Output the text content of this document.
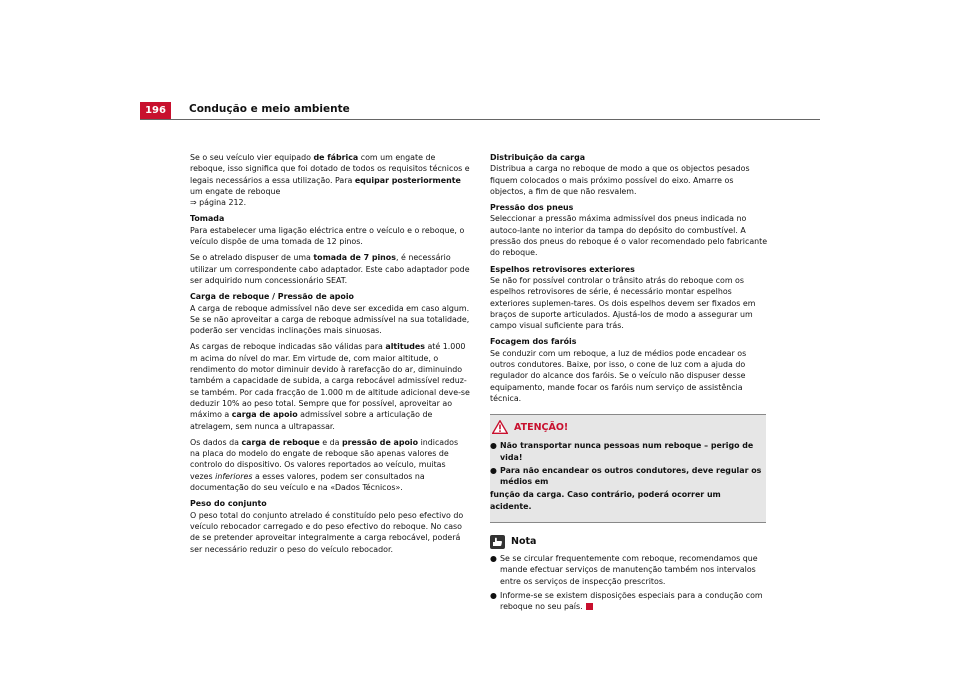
196	Condução e meio ambiente

Se o seu veículo vier equipado de fábrica com um engate de reboque, isso significa que foi dotado de todos os requisitos técnicos e legais necessários a essa utilização. Para equipar posteriormente um engate de reboque
⇒ página 212.

Tomada

Para estabelecer uma ligação eléctrica entre o veículo e o reboque, o veículo dispõe de uma tomada de 12 pinos.

Se o atrelado dispuser de uma tomada de 7 pinos, é necessário utilizar um correspondente cabo adaptador. Este cabo adaptador pode ser adquirido num concessionário SEAT.

Carga de reboque / Pressão de apoio

A carga de reboque admissível não deve ser excedida em caso algum. Se se não aproveitar a carga de reboque admissível na sua totalidade, poderão ser vencidas inclinações mais sinuosas.

As cargas de reboque indicadas são válidas para altitudes até 1.000 m acima do nível do mar. Em virtude de, com maior altitude, o rendimento do motor diminuir devido à rarefacção do ar, diminuindo também a capacidade de subida, a carga rebocável admissível reduz-se também. Por cada fracção de 1.000 m de altitude adicional deve-se deduzir 10% ao peso total. Sempre que for possível, aproveitar ao máximo a carga de apoio admissível sobre a articulação de atrelagem, sem nunca a ultrapassar.

Os dados da carga de reboque e da pressão de apoio indicados na placa do modelo do engate de reboque são apenas valores de controlo do dispositivo. Os valores reportados ao veículo, muitas vezes inferiores a esses valores, podem ser consultados na documentação do seu veículo e na «Dados Técnicos».

Peso do conjunto

O peso total do conjunto atrelado é constituído pelo peso efectivo do veículo rebocador carregado e do peso efectivo do reboque. No caso de se pretender aproveitar integralmente a carga rebocável, poderá ser necessário reduzir o peso do veículo rebocador.

Distribuição da carga

Distribua a carga no reboque de modo a que os objectos pesados fiquem colocados o mais próximo possível do eixo. Amarre os objectos, a fim de que não resvalem.

Pressão dos pneus

Seleccionar a pressão máxima admissível dos pneus indicada no autoco-lante no interior da tampa do depósito do combustível. A pressão dos pneus do reboque é o valor recomendado pelo fabricante do reboque.

Espelhos retrovisores exteriores

Se não for possível controlar o trânsito atrás do reboque com os espelhos retrovisores de série, é necessário montar espelhos exteriores suplemen-tares. Os dois espelhos devem ser fixados em braços de suporte articulados. Ajustá-los de modo a assegurar um campo visual suficiente para trás.

Focagem dos faróis

Se conduzir com um reboque, a luz de médios pode encadear os outros condutores. Baixe, por isso, o cone de luz com a ajuda do regulador do alcance dos faróis. Se o veículo não dispuser desse equipamento, mande focar os faróis num serviço de assistência técnica.

ATENÇÃO!
● Não transportar nunca pessoas num reboque – perigo de vida!
● Para não encandear os outros condutores, deve regular os médios em

função da carga. Caso contrário, poderá ocorrer um acidente.

Nota
● Se se circular frequentemente com reboque, recomendamos que mande efectuar serviços de manutenção também nos intervalos entre os serviços de inspecção prescritos.
● Informe-se se existem disposições especiais para a condução com reboque no seu país.
